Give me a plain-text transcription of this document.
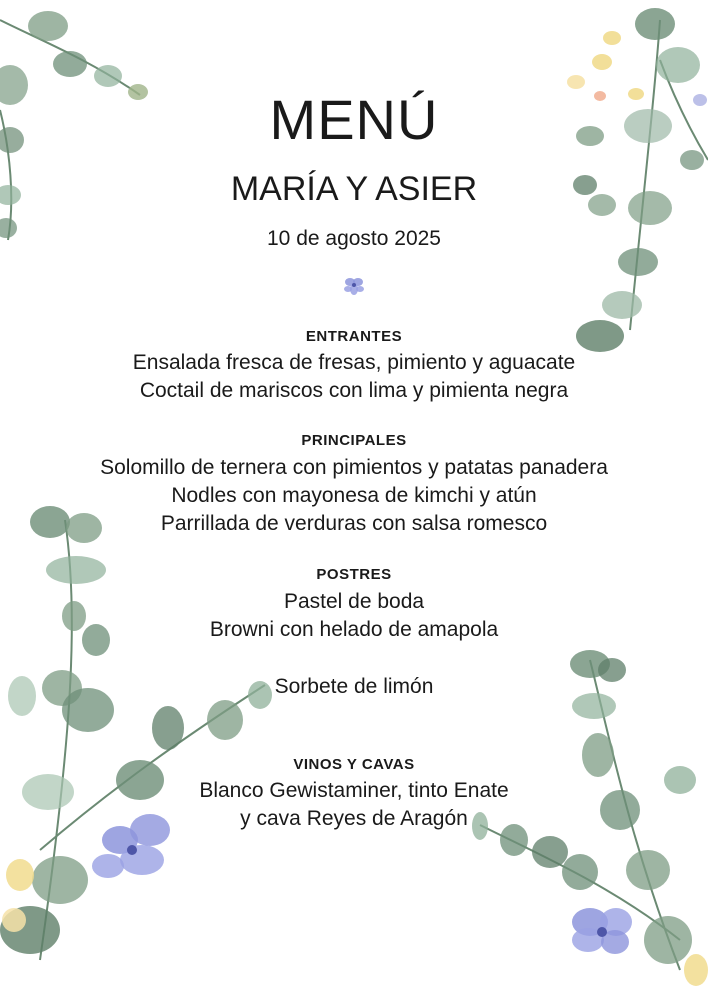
MENÚ
MARÍA Y ASIER
10 de agosto 2025
ENTRANTES
Ensalada fresca de fresas, pimiento y aguacate
Coctail de mariscos con lima y pimienta negra
PRINCIPALES
Solomillo de ternera con pimientos y patatas panadera
Nodles con mayonesa de kimchi y atún
Parrillada de verduras con salsa romesco
POSTRES
Pastel de boda
Browni con helado de amapola
Sorbete de limón
VINOS Y CAVAS
Blanco Gewistaminer, tinto Enate
y cava Reyes de Aragón
